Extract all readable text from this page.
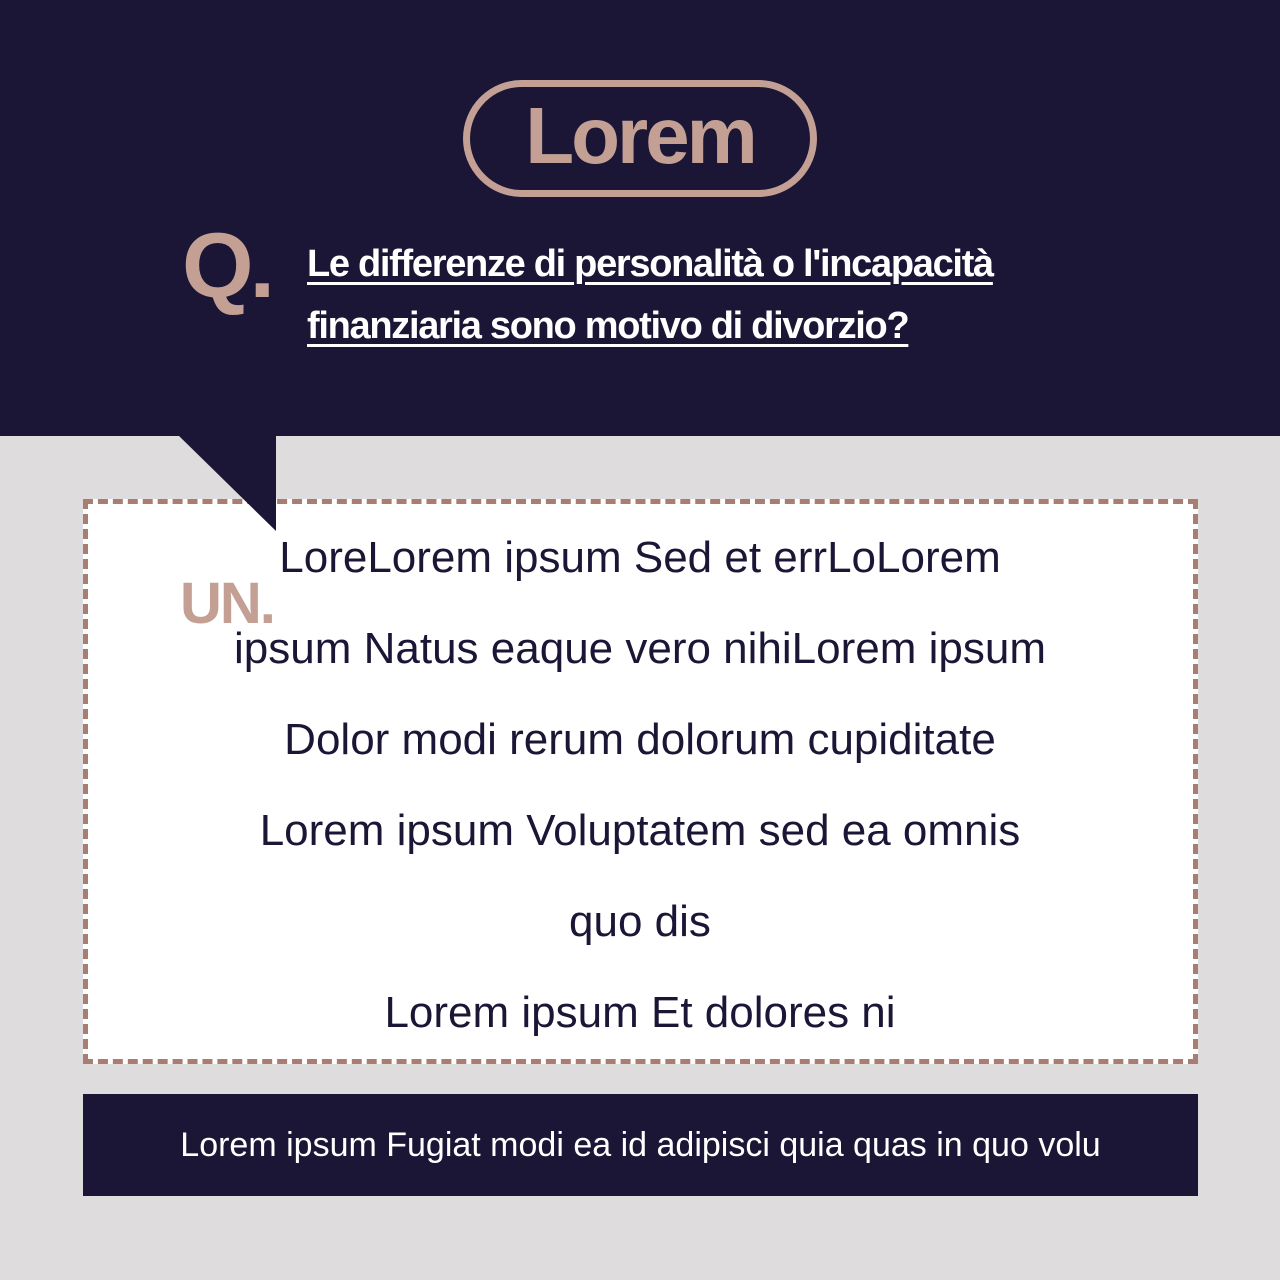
Lorem
Q. Le differenze di personalità o l'incapacità finanziaria sono motivo di divorzio?
UN.
LoreLorem ipsum Sed et errLoLorem
ipsum Natus eaque vero nihiLorem ipsum
Dolor modi rerum dolorum cupiditate
Lorem ipsum Voluptatem sed ea omnis
quo dis
Lorem ipsum Et dolores ni
Lorem ipsum Fugiat modi ea id adipisci quia quas in quo volu
